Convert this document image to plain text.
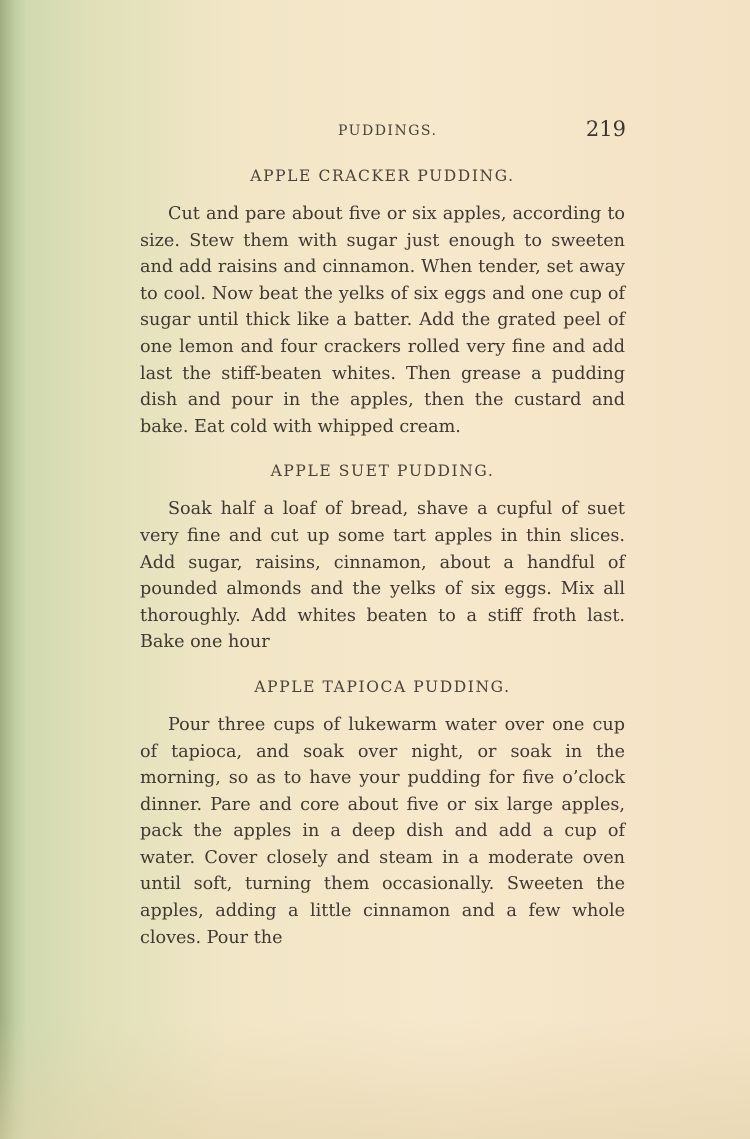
PUDDINGS.	219
APPLE CRACKER PUDDING.

Cut and pare about five or six apples, according to size. Stew them with sugar just enough to sweeten and add raisins and cinnamon. When tender, set away to cool. Now beat the yelks of six eggs and one cup of sugar until thick like a batter. Add the grated peel of one lemon and four crackers rolled very fine and add last the stiff-beaten whites. Then grease a pudding dish and pour in the apples, then the custard and bake. Eat cold with whipped cream.

APPLE SUET PUDDING.

Soak half a loaf of bread, shave a cupful of suet very fine and cut up some tart apples in thin slices. Add sugar, raisins, cinnamon, about a handful of pounded almonds and the yelks of six eggs. Mix all thoroughly. Add whites beaten to a stiff froth last. Bake one hour

APPLE TAPIOCA PUDDING.

Pour three cups of lukewarm water over one cup of tapioca, and soak over night, or soak in the morning, so as to have your pudding for five o’clock dinner. Pare and core about five or six large apples, pack the apples in a deep dish and add a cup of water. Cover closely and steam in a moderate oven until soft, turning them occasionally. Sweeten the apples, adding a little cinnamon and a few whole cloves. Pour the
